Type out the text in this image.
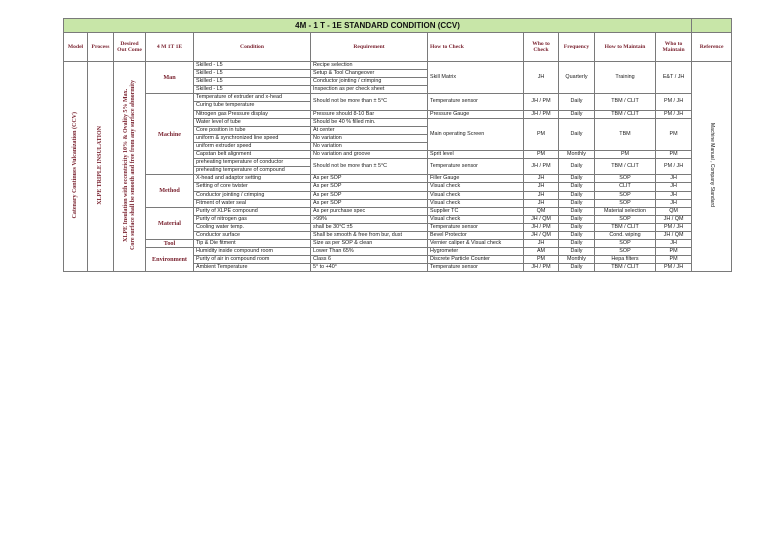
4M - 1 T - 1E STANDARD CONDITION (CCV)											
Model	Process	Desired
Out Come	4 M 1T 1E	Condition	Requirement	How to Check	Who to
Check	Frequency	How to Maintain	Who to
Maintain	Reference
Catenary Continues Vulcanization (CCV)	XLPE TRIPLE INSULATION	XLPE Insulation with eccentricity 10% & Ovality 5% Max.
Core surface shall be smooth and free from any surface abnormity	Man	Skilled - L5	Recipe selection	Skill Matrix	JH	Quarterly	Training	E&T / JH	Machine Manual , Company Standard
				Skilled - L5	Setup & Tool Changeover						
				Skilled - L5	Conductor jointing / crimping						
				Skilled - L5	Inspection as per check sheet						
			Machine	Temperature of extruder and x-head	Should not be more than ± 5°C	Temperature sensor	JH / PM	Daily	TBM / CLIT	PM / JH	
				Curing tube temperature							
				Nitrogen gas Pressure display	Pressure should 8-10 Bar	Pressure Gauge	JH / PM	Daily	TBM / CLIT	PM / JH	
				Water level of tube	Should be 40 % filled min.	Main operating Screen	PM	Daily	TBM	PM	
				Core position in tube	At center						
				uniform & synchronized line speed	No variation						
				uniform extruder speed	No variation						
				Capstan belt alignment	No variation and groove	Sprit level	PM	Monthly	PM	PM	
				preheating temperature of conductor	Should not be more than ± 5°C	Temperature sensor	JH / PM	Daily	TBM / CLIT	PM / JH	
				preheating temperature of compound							
			Method	X-head and adaptor setting	As per SOP	Filler Gauge	JH	Daily	SOP	JH	
				Setting of core twister	As per SOP	Visual check	JH	Daily	CLIT	JH	
				Conductor jointing / crimping	As per SOP	Visual check	JH	Daily	SOP	JH	
				Fitment of water seal	As per SOP	Visual check	JH	Daily	SOP	JH	
			Material	Purity of XLPE compound	As per purchase spec	Supplier TC	QM	Daily	Material selection	QM	
				Purity of nitrogen gas	>99%	Visual check	JH / QM	Daily	SOP	JH / QM	
				Cooling water temp.	shall be 30°C ±5	Temperature sensor	JH / PM	Daily	TBM / CLIT	PM / JH	
				Conductor surface	Shall be smooth & free from bur, dust	Bevel Protector	JH / QM	Daily	Cond. wiping	JH / QM	
			Tool	Tip & Die fitment	Size as per SOP & clean	Vernier caliper & Visual check	JH	Daily	SOP	JH	
			Environment	Humidity inside compound room	Lower Than 65%	Hygrometer	AM	Daily	SOP	PM	
				Purity of air in compound room	Class 6	Discrete Particle Counter	PM	Monthly	Hepa filters	PM	
				Ambient Temperature	5° to +40°	Temperature sensor	JH / PM	Daily	TBM / CLIT	PM / JH	
